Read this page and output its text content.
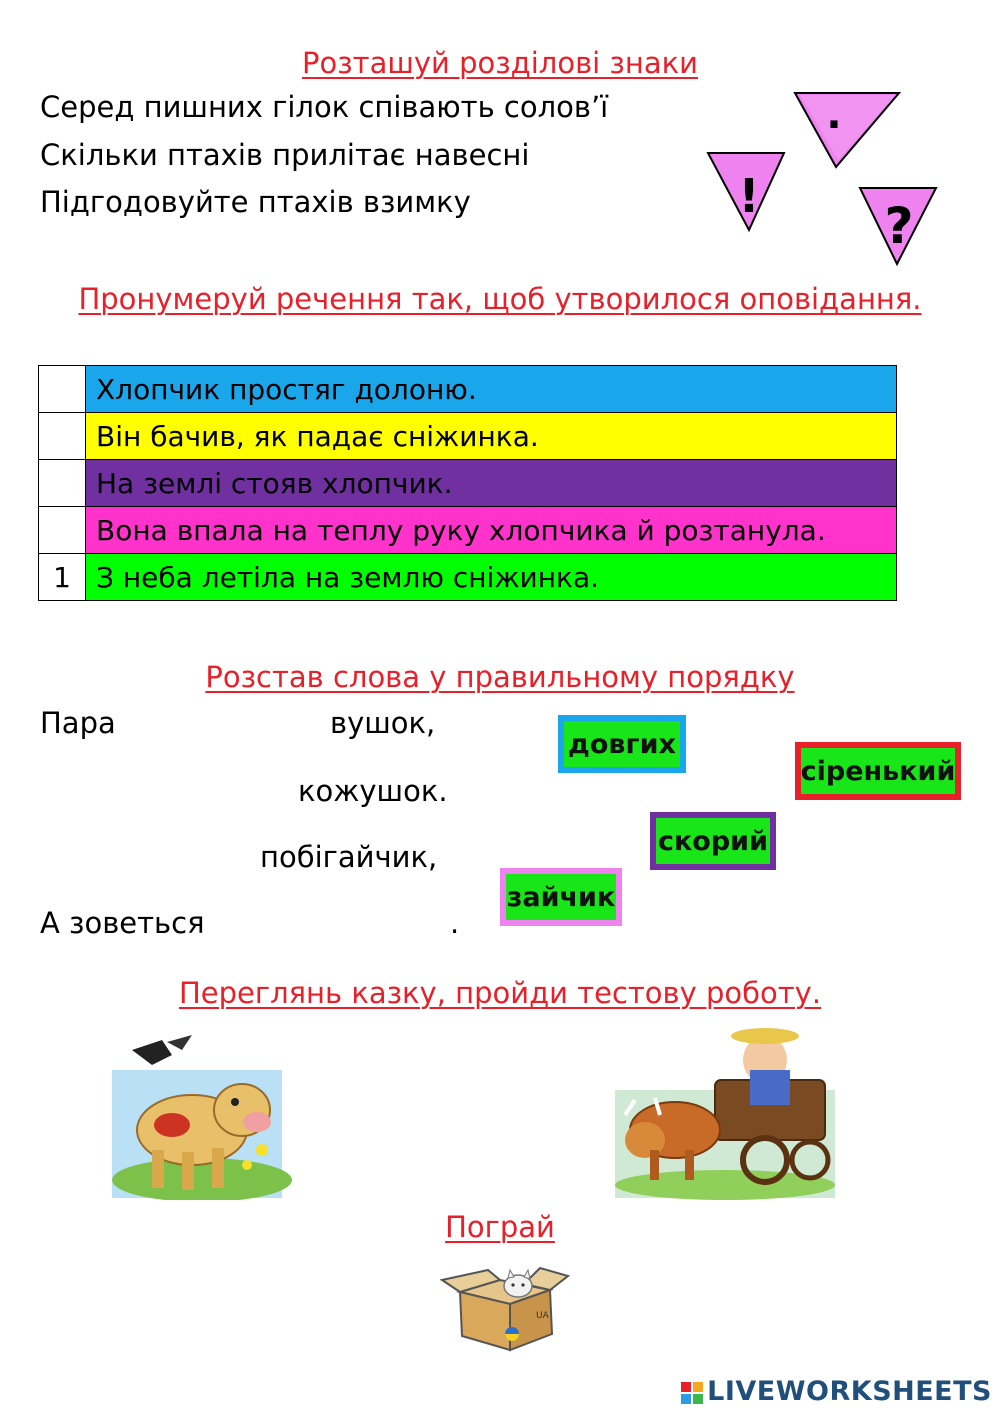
Розташуй розділові знаки
Серед пишних гілок співають солов’ї
Скільки птахів прилітає навесні
Підгодовуйте птахів взимку
.
!
?
Пронумеруй речення так, щоб утворилося оповідання.
	Хлопчик простяг долоню.
	Він бачив, як падає сніжинка.
	На землі стояв хлопчик.
	Вона впала на теплу руку хлопчика й розтанула.
1	З неба летіла на землю сніжинка.
Розстав слова у правильному порядку
Пара	вушок,
кожушок.
побігайчик,
А зоветься	.
довгих
сіренький
скорий
зайчик
Переглянь казку, пройди тестову роботу.
Пограй
UA
LIVEWORKSHEETS
